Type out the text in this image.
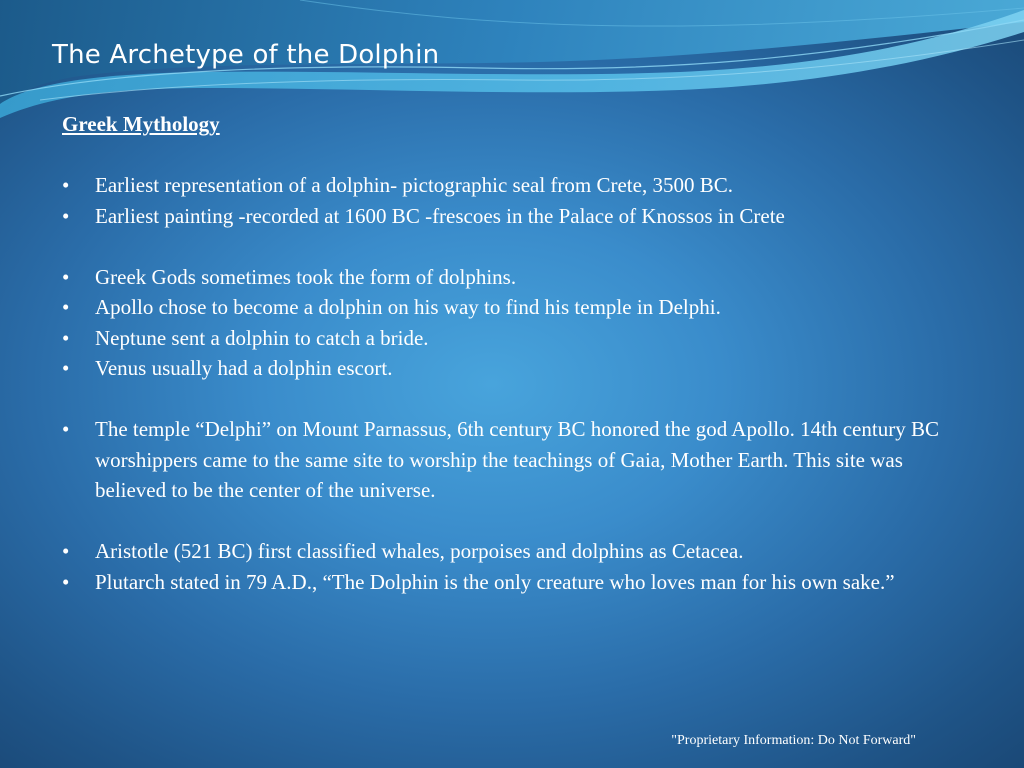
The Archetype of the Dolphin
Greek Mythology
•	Earliest representation of a dolphin- pictographic seal from Crete, 3500 BC.
•	Earliest painting -recorded at 1600 BC -frescoes in the Palace of Knossos in Crete
•	Greek Gods sometimes took the form of dolphins.
•	Apollo chose to become a dolphin on his way to find his temple in Delphi.
•	Neptune sent a dolphin to catch a bride.
•	Venus usually had a dolphin escort.
•	The temple “Delphi” on Mount Parnassus, 6th century BC honored the god Apollo. 14th century BC worshippers came to the same site to worship the teachings of Gaia, Mother Earth. This site was believed to be the center of the universe.
•	Aristotle (521 BC) first classified whales, porpoises and dolphins as Cetacea.
•	Plutarch stated in 79 A.D., “The Dolphin is the only creature who loves man for his own sake.”
"Proprietary Information: Do Not Forward"
